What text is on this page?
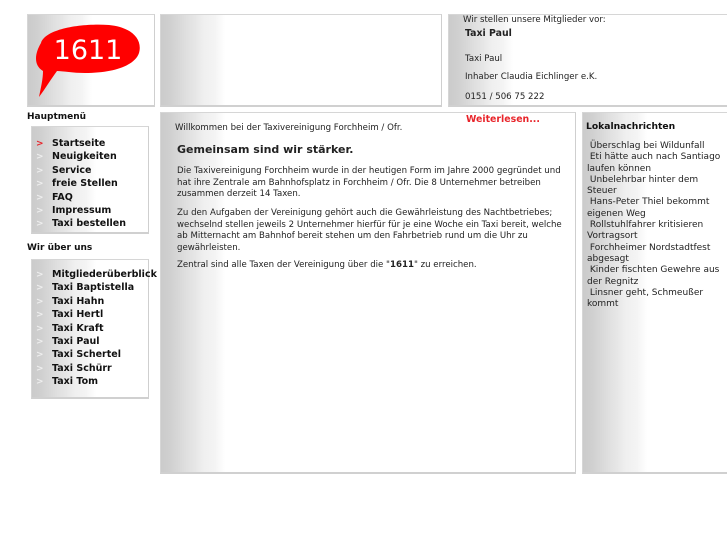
1611
Wir stellen unsere Mitglieder vor:
Taxi Paul
Taxi Paul
Inhaber Claudia Eichlinger e.K.
0151 / 506 75 222
Hauptmenü
> Startseite
> Neuigkeiten
> Service
> freie Stellen
> FAQ
> Impressum
> Taxi bestellen
Wir über uns
> Mitgliederüberblick
> Taxi Baptistella
> Taxi Hahn
> Taxi Hertl
> Taxi Kraft
> Taxi Paul
> Taxi Schertel
> Taxi Schürr
> Taxi Tom
Weiterlesen...
Willkommen bei der Taxivereinigung Forchheim / Ofr.
Gemeinsam sind wir stärker.
Die Taxivereinigung Forchheim wurde in der heutigen Form im Jahre 2000 gegründet und hat ihre Zentrale am Bahnhofsplatz in Forchheim / Ofr. Die 8 Unternehmer betreiben zusammen derzeit 14 Taxen.
Zu den Aufgaben der Vereinigung gehört auch die Gewährleistung des Nachtbetriebes; wechselnd stellen jeweils 2 Unternehmer hierfür für je eine Woche ein Taxi bereit, welche ab Mitternacht am Bahnhof bereit stehen um den Fahrbetrieb rund um die Uhr zu gewährleisten.
Zentral sind alle Taxen der Vereinigung über die "1611" zu erreichen.
Lokalnachrichten
Überschlag bei Wildunfall
Eti hätte auch nach Santiago laufen können
Unbelehrbar hinter dem Steuer
Hans-Peter Thiel bekommt eigenen Weg
Rollstuhlfahrer kritisieren Vortragsort
Forchheimer Nordstadtfest abgesagt
Kinder fischten Gewehre aus der Regnitz
Linsner geht, Schmeußer kommt
